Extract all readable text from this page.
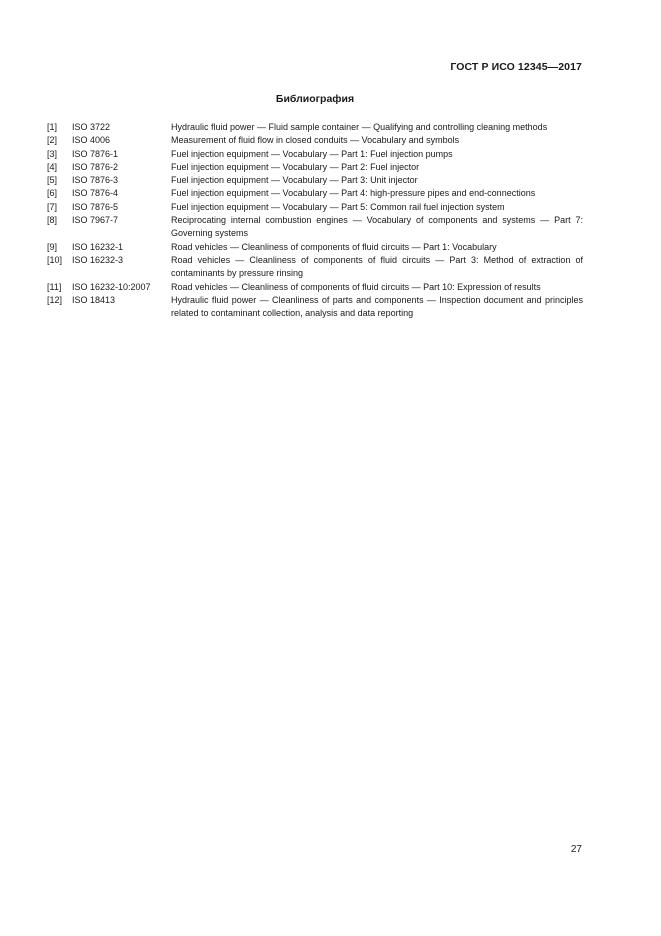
ГОСТ Р ИСО 12345—2017
Библиография
[1]	ISO 3722	Hydraulic fluid power — Fluid sample container — Qualifying and controlling cleaning methods
[2]	ISO 4006	Measurement of fluid flow in closed conduits — Vocabulary and symbols
[3]	ISO 7876-1	Fuel injection equipment — Vocabulary — Part 1: Fuel injection pumps
[4]	ISO 7876-2	Fuel injection equipment — Vocabulary — Part 2: Fuel injector
[5]	ISO 7876-3	Fuel injection equipment — Vocabulary — Part 3: Unit injector
[6]	ISO 7876-4	Fuel injection equipment — Vocabulary — Part 4: high-pressure pipes and end-connections
[7]	ISO 7876-5	Fuel injection equipment — Vocabulary — Part 5: Common rail fuel injection system
[8]	ISO 7967-7	Reciprocating internal combustion engines — Vocabulary of components and systems — Part 7: Governing systems
[9]	ISO 16232-1	Road vehicles — Cleanliness of components of fluid circuits — Part 1: Vocabulary
[10]	ISO 16232-3	Road vehicles — Cleanliness of components of fluid circuits — Part 3: Method of extraction of contaminants by pressure rinsing
[11]	ISO 16232-10:2007	Road vehicles — Cleanliness of components of fluid circuits — Part 10: Expression of results
[12]	ISO 18413	Hydraulic fluid power — Cleanliness of parts and components — Inspection document and principles related to contaminant collection, analysis and data reporting
27
